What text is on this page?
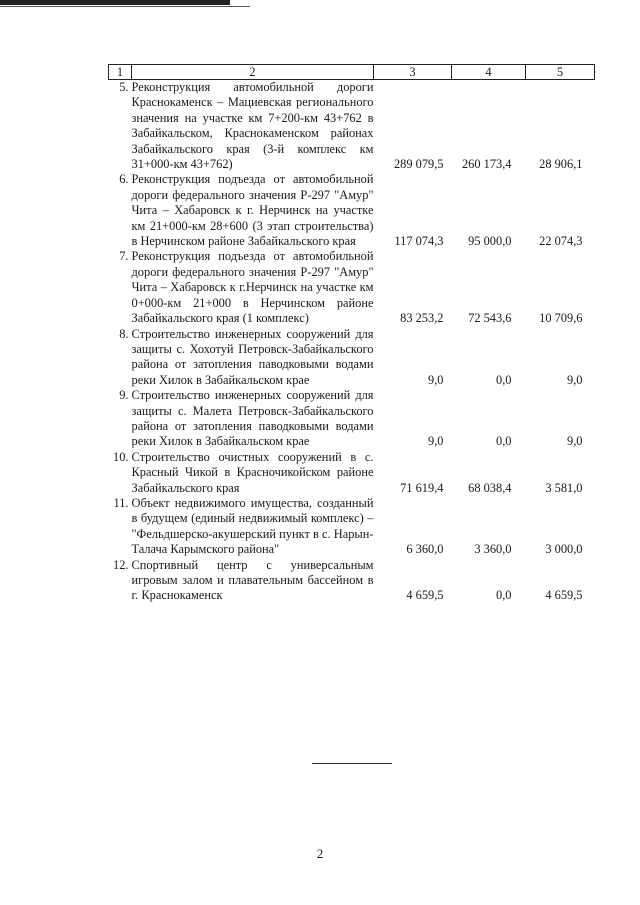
1	2	3	4	5
5.	Реконструкция автомобильной дороги Краснокаменск – Мациевская регионального значения на участке км 7+200-км 43+762 в Забайкальском, Краснокаменском районах Забайкальского края (3-й комплекс км 31+000-км 43+762)	289 079,5	260 173,4	28 906,1
6.	Реконструкция подъезда от автомобильной дороги федерального значения Р-297 "Амур" Чита – Хабаровск к г. Нерчинск на участке км 21+000-км 28+600 (3 этап строительства) в Нерчинском районе Забайкальского края	117 074,3	95 000,0	22 074,3
7.	Реконструкция подъезда от автомобильной дороги федерального значения Р-297 "Амур" Чита – Хабаровск к г.Нерчинск на участке км 0+000-км 21+000 в Нерчинском районе Забайкальского края (1 комплекс)	83 253,2	72 543,6	10 709,6
8.	Строительство инженерных сооружений для защиты с. Хохотуй Петровск-Забайкальского района от затопления паводковыми водами реки Хилок в Забайкальском крае	9,0	0,0	9,0
9.	Строительство инженерных сооружений для защиты с. Малета Петровск-Забайкальского района от затопления паводковыми водами реки Хилок в Забайкальском крае	9,0	0,0	9,0
10.	Строительство очистных сооружений в с. Красный Чикой в Красночикойском районе Забайкальского края	71 619,4	68 038,4	3 581,0
11.	Объект недвижимого имущества, созданный в будущем (единый недвижимый комплекс) – "Фельдшерско-акушерский пункт в с. Нарын-Талача Карымского района"	6 360,0	3 360,0	3 000,0
12.	Спортивный центр с универсальным игровым залом и плавательным бассейном в г. Краснокаменск	4 659,5	0,0	4 659,5
2
